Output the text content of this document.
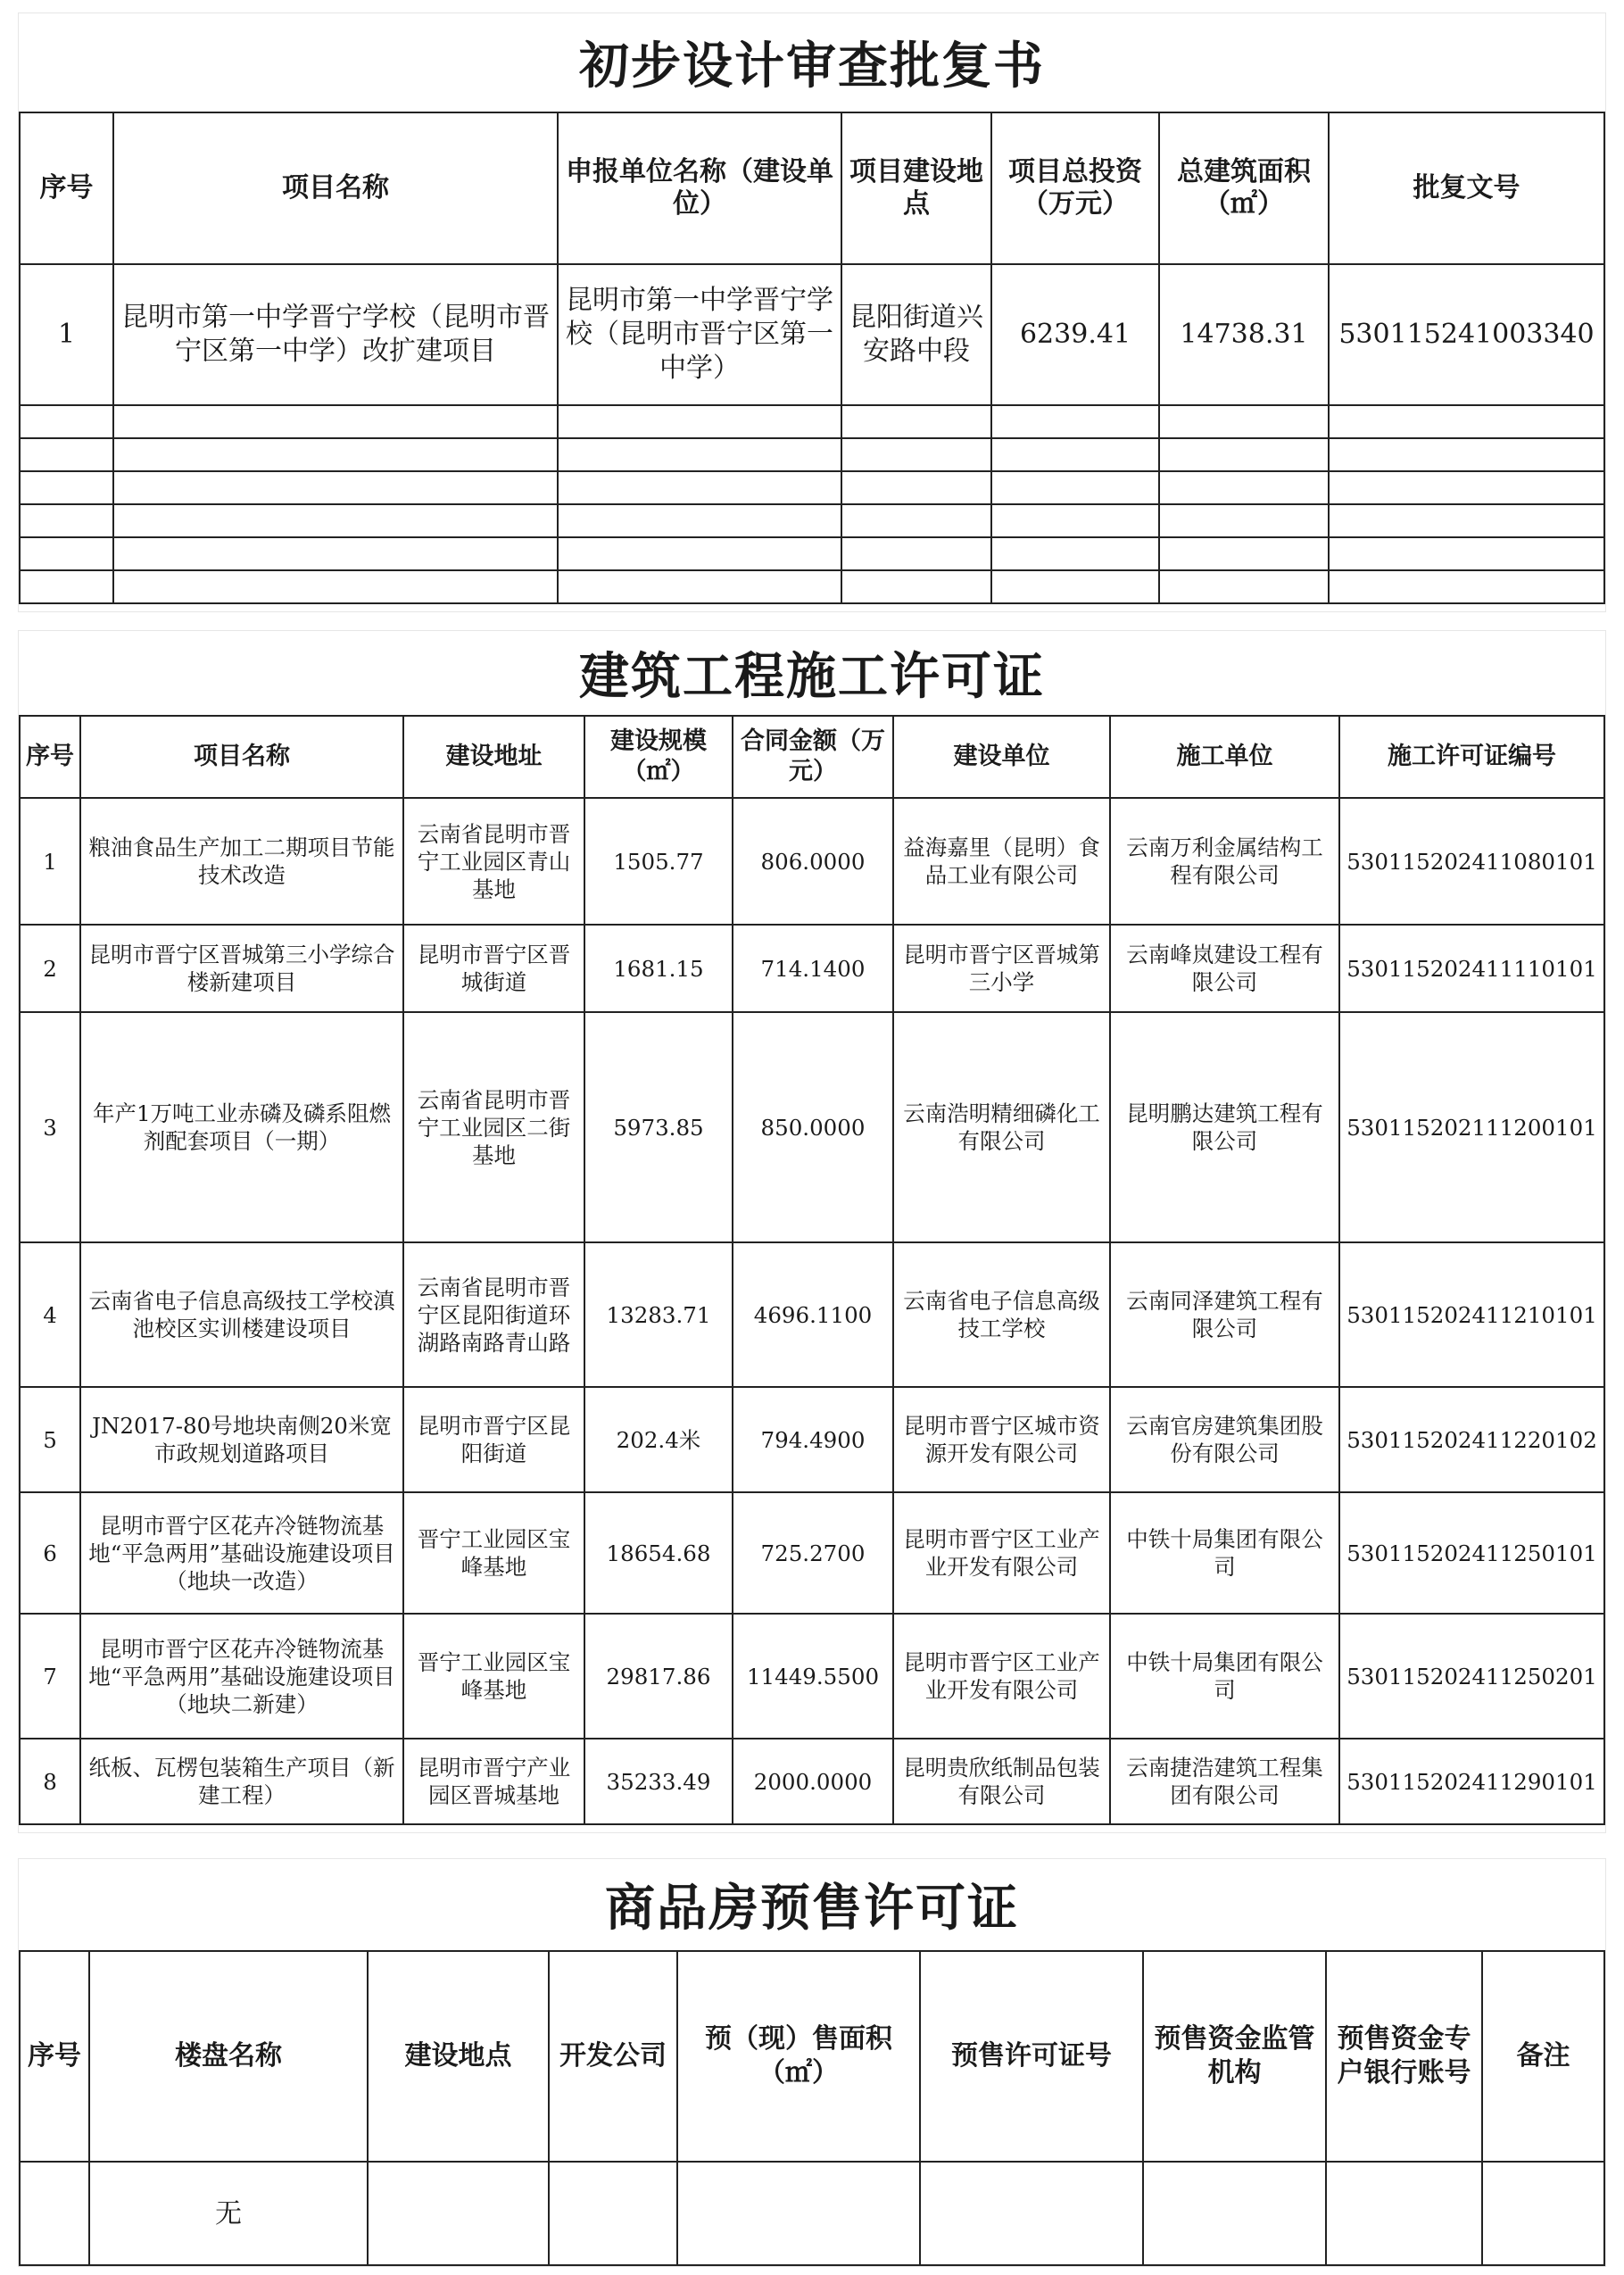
初步设计审查批复书
序号	项目名称	申报单位名称（建设单位）	项目建设地点	项目总投资（万元）	总建筑面积（㎡）	批复文号
1	昆明市第一中学晋宁学校（昆明市晋宁区第一中学）改扩建项目	昆明市第一中学晋宁学校（昆明市晋宁区第一中学）	昆阳街道兴安路中段	6239.41	14738.31	530115241003340

建筑工程施工许可证
序号	项目名称	建设地址	建设规模（㎡）	合同金额（万元）	建设单位	施工单位	施工许可证编号
1	粮油食品生产加工二期项目节能技术改造	云南省昆明市晋宁工业园区青山基地	1505.77	806.0000	益海嘉里（昆明）食品工业有限公司	云南万利金属结构工程有限公司	530115202411080101
2	昆明市晋宁区晋城第三小学综合楼新建项目	昆明市晋宁区晋城街道	1681.15	714.1400	昆明市晋宁区晋城第三小学	云南峰岚建设工程有限公司	530115202411110101
3	年产1万吨工业赤磷及磷系阻燃剂配套项目（一期）	云南省昆明市晋宁工业园区二街基地	5973.85	850.0000	云南浩明精细磷化工有限公司	昆明鹏达建筑工程有限公司	530115202111200101
4	云南省电子信息高级技工学校滇池校区实训楼建设项目	云南省昆明市晋宁区昆阳街道环湖路南路青山路	13283.71	4696.1100	云南省电子信息高级技工学校	云南同泽建筑工程有限公司	530115202411210101
5	JN2017-80号地块南侧20米宽市政规划道路项目	昆明市晋宁区昆阳街道	202.4米	794.4900	昆明市晋宁区城市资源开发有限公司	云南官房建筑集团股份有限公司	530115202411220102
6	昆明市晋宁区花卉冷链物流基地“平急两用”基础设施建设项目（地块一改造）	晋宁工业园区宝峰基地	18654.68	725.2700	昆明市晋宁区工业产业开发有限公司	中铁十局集团有限公司	530115202411250101
7	昆明市晋宁区花卉冷链物流基地“平急两用”基础设施建设项目（地块二新建）	晋宁工业园区宝峰基地	29817.86	11449.5500	昆明市晋宁区工业产业开发有限公司	中铁十局集团有限公司	530115202411250201
8	纸板、瓦楞包装箱生产项目（新建工程）	昆明市晋宁产业园区晋城基地	35233.49	2000.0000	昆明贵欣纸制品包装有限公司	云南捷浩建筑工程集团有限公司	530115202411290101
商品房预售许可证
序号	楼盘名称	建设地点	开发公司	预（现）售面积（㎡）	预售许可证号	预售资金监管机构	预售资金专户银行账号	备注
	无							
